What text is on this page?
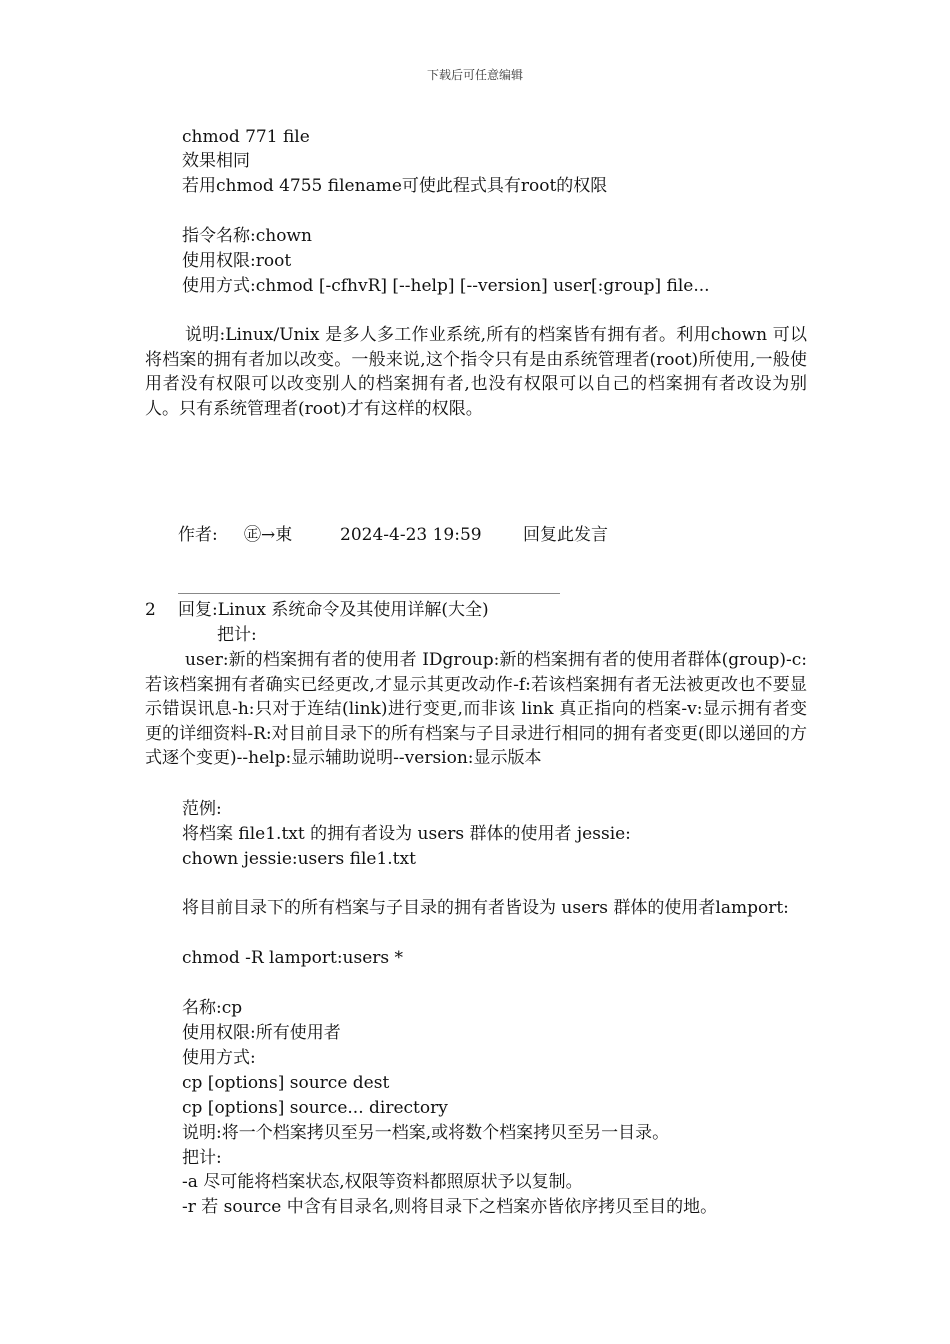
下载后可任意编辑
chmod 771 file
效果相同
若用chmod 4755 filename可使此程式具有root的权限
指令名称:chown
使用权限:root
使用方式:chmod [-cfhvR] [--help] [--version] user[:group] file...
说明:Linux/Unix 是多人多工作业系统,所有的档案皆有拥有者。利用chown 可以将档案的拥有者加以改变。一般来说,这个指令只有是由系统管理者(root)所使用,一般使用者没有权限可以改变别人的档案拥有者,也没有权限可以自己的档案拥有者改设为别人。只有系统管理者(root)才有这样的权限。
作者: ㊣→東	2024-4-23 19:59 回复此发言
2 回复:Linux 系统命令及其使用详解(大全)
把计:
user:新的档案拥有者的使用者 IDgroup:新的档案拥有者的使用者群体(group)-c:若该档案拥有者确实已经更改,才显示其更改动作-f:若该档案拥有者无法被更改也不要显示错误讯息-h:只对于连结(link)进行变更,而非该 link 真正指向的档案-v:显示拥有者变更的详细资料-R:对目前目录下的所有档案与子目录进行相同的拥有者变更(即以递回的方式逐个变更)--help:显示辅助说明--version:显示版本
范例:
将档案 file1.txt 的拥有者设为 users 群体的使用者 jessie:
chown jessie:users file1.txt
将目前目录下的所有档案与子目录的拥有者皆设为 users 群体的使用者lamport:
chmod -R lamport:users *
名称:cp
使用权限:所有使用者
使用方式:
cp [options] source dest
cp [options] source... directory
说明:将一个档案拷贝至另一档案,或将数个档案拷贝至另一目录。
把计:
-a 尽可能将档案状态,权限等资料都照原状予以复制。
-r 若 source 中含有目录名,则将目录下之档案亦皆依序拷贝至目的地。
